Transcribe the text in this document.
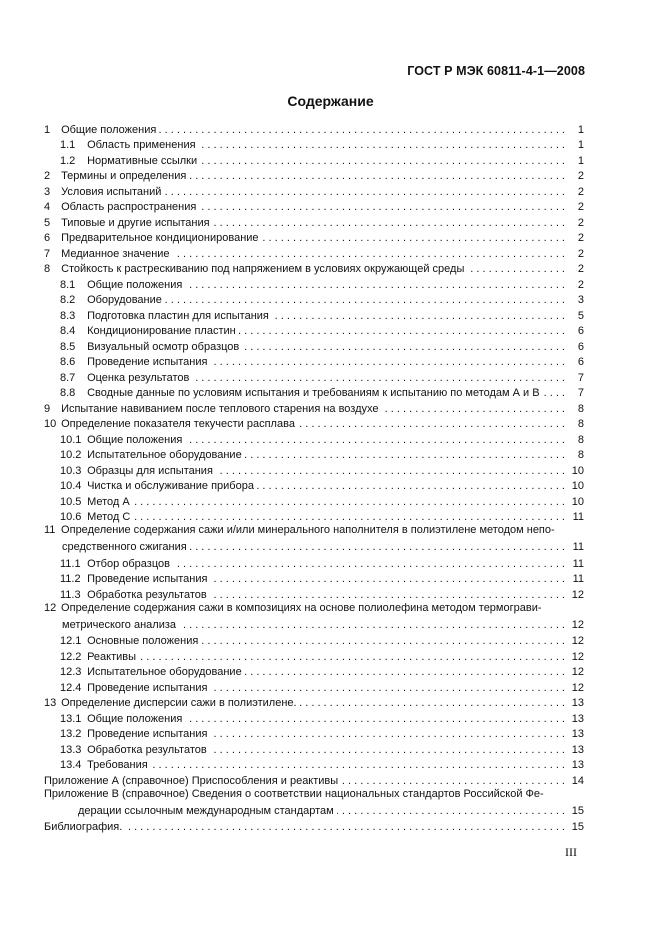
ГОСТ Р МЭК 60811-4-1—2008
Содержание
1 Общие положения . . .	1
1.1 Область применения . . .	1
1.2 Нормативные ссылки . . .	1
2 Термины и определения . . .	2
3 Условия испытаний . . .	2
4 Область распространения . . .	2
5 Типовые и другие испытания . . .	2
6 Предварительное кондиционирование . . .	2
7 Медианное значение . . .	2
8 Стойкость к растрескиванию под напряжением в условиях окружающей среды . . .	2
8.1 Общие положения . . .	2
8.2 Оборудование . . .	3
8.3 Подготовка пластин для испытания . . .	5
8.4 Кондиционирование пластин . . .	6
8.5 Визуальный осмотр образцов . . .	6
8.6 Проведение испытания . . .	6
8.7 Оценка результатов . . .	7
8.8 Сводные данные по условиям испытания и требованиям к испытанию по методам А и В . . .	7
9 Испытание навиванием после теплового старения на воздухе . . .	8
10 Определение показателя текучести расплава . . .	8
10.1 Общие положения . . .	8
10.2 Испытательное оборудование . . .	8
10.3 Образцы для испытания . . .	10
10.4 Чистка и обслуживание прибора . . .	10
10.5 Метод А . . .	10
10.6 Метод С . . .	11
11 Определение содержания сажи и/или минерального наполнителя в полиэтилене методом непо-
средственного сжигания . . .	11
11.1 Отбор образцов . . .	11
11.2 Проведение испытания . . .	11
11.3 Обработка результатов . . .	12
12 Определение содержания сажи в композициях на основе полиолефина методом термограви-
метрического анализа . . .	12
12.1 Основные положения . . .	12
12.2 Реактивы . . .	12
12.3 Испытательное оборудование . . .	12
12.4 Проведение испытания . . .	12
13 Определение дисперсии сажи в полиэтилене. . . .	13
13.1 Общие положения . . .	13
13.2 Проведение испытания . . .	13
13.3 Обработка результатов . . .	13
13.4 Требования . . .	13
Приложение А (справочное) Приспособления и реактивы . . .	14
Приложение В (справочное) Сведения о соответствии национальных стандартов Российской Фе-
дерации ссылочным международным стандартам . . .	15
Библиография. . . .	15
III
